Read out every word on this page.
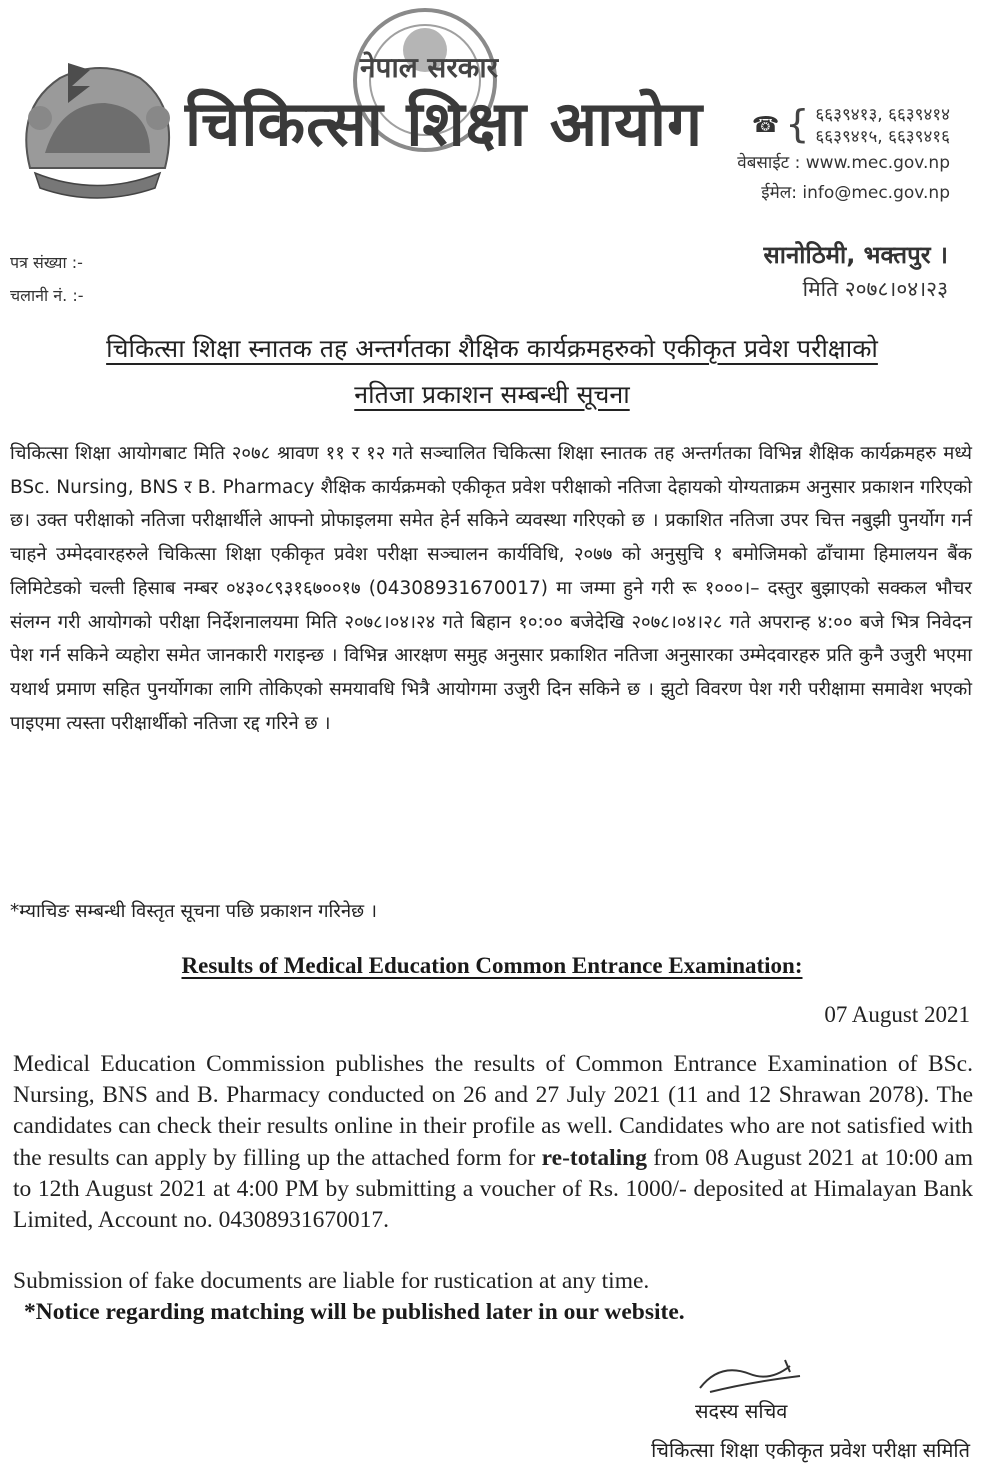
नेपाल सरकार
चिकित्सा शिक्षा आयोग ☎ { ६६३९४१३, ६६३९४१४
६६३९४१५, ६६३९४१६
वेबसाईट : www.mec.gov.np
ईमेल: info@mec.gov.np
पत्र संख्या :-
चलानी नं. :-
सानोठिमी, भक्तपुर ।
मिति २०७८।०४।२३
चिकित्सा शिक्षा स्नातक तह अन्तर्गतका शैक्षिक कार्यक्रमहरुको एकीकृत प्रवेश परीक्षाको
नतिजा प्रकाशन सम्बन्धी सूचना

चिकित्सा शिक्षा आयोगबाट मिति २०७८ श्रावण ११ र १२ गते सञ्चालित चिकित्सा शिक्षा स्नातक तह अन्तर्गतका विभिन्न शैक्षिक कार्यक्रमहरु मध्ये BSc. Nursing, BNS र B. Pharmacy शैक्षिक कार्यक्रमको एकीकृत प्रवेश परीक्षाको नतिजा देहायको योग्यताक्रम अनुसार प्रकाशन गरिएको छ। उक्त परीक्षाको नतिजा परीक्षार्थीले आफ्नो प्रोफाइलमा समेत हेर्न सकिने व्यवस्था गरिएको छ । प्रकाशित नतिजा उपर चित्त नबुझी पुनर्योग गर्न चाहने उम्मेदवारहरुले चिकित्सा शिक्षा एकीकृत प्रवेश परीक्षा सञ्चालन कार्यविधि, २०७७ को अनुसुचि १ बमोजिमको ढाँचामा हिमालयन बैंक लिमिटेडको चल्ती हिसाब नम्बर ०४३०८९३१६७००१७ (04308931670017) मा जम्मा हुने गरी रू १०००।– दस्तुर बुझाएको सक्कल भौचर संलग्न गरी आयोगको परीक्षा निर्देशनालयमा मिति २०७८।०४।२४ गते बिहान १०:०० बजेदेखि २०७८।०४।२८ गते अपरान्ह ४:०० बजे भित्र निवेदन पेश गर्न सकिने व्यहोरा समेत जानकारी गराइन्छ । विभिन्न आरक्षण समुह अनुसार प्रकाशित नतिजा अनुसारका उम्मेदवारहरु प्रति कुनै उजुरी भएमा यथार्थ प्रमाण सहित पुनर्योगका लागि तोकिएको समयावधि भित्रै आयोगमा उजुरी दिन सकिने छ । झुटो विवरण पेश गरी परीक्षामा समावेश भएको पाइएमा त्यस्ता परीक्षार्थीको नतिजा रद्द गरिने छ ।

*म्याचिङ सम्बन्धी विस्तृत सूचना पछि प्रकाशन गरिनेछ ।
Results of Medical Education Common Entrance Examination:
07 August 2021

Medical Education Commission publishes the results of Common Entrance Examination of BSc. Nursing, BNS and B. Pharmacy conducted on 26 and 27 July 2021 (11 and 12 Shrawan 2078). The candidates can check their results online in their profile as well. Candidates who are not satisfied with the results can apply by filling up the attached form for re-totaling from 08 August 2021 at 10:00 am to 12th August 2021 at 4:00 PM by submitting a voucher of Rs. 1000/- deposited at Himalayan Bank Limited, Account no. 04308931670017.

Submission of fake documents are liable for rustication at any time.
*Notice regarding matching will be published later in our website.
सदस्य सचिव
चिकित्सा शिक्षा एकीकृत प्रवेश परीक्षा समिति
